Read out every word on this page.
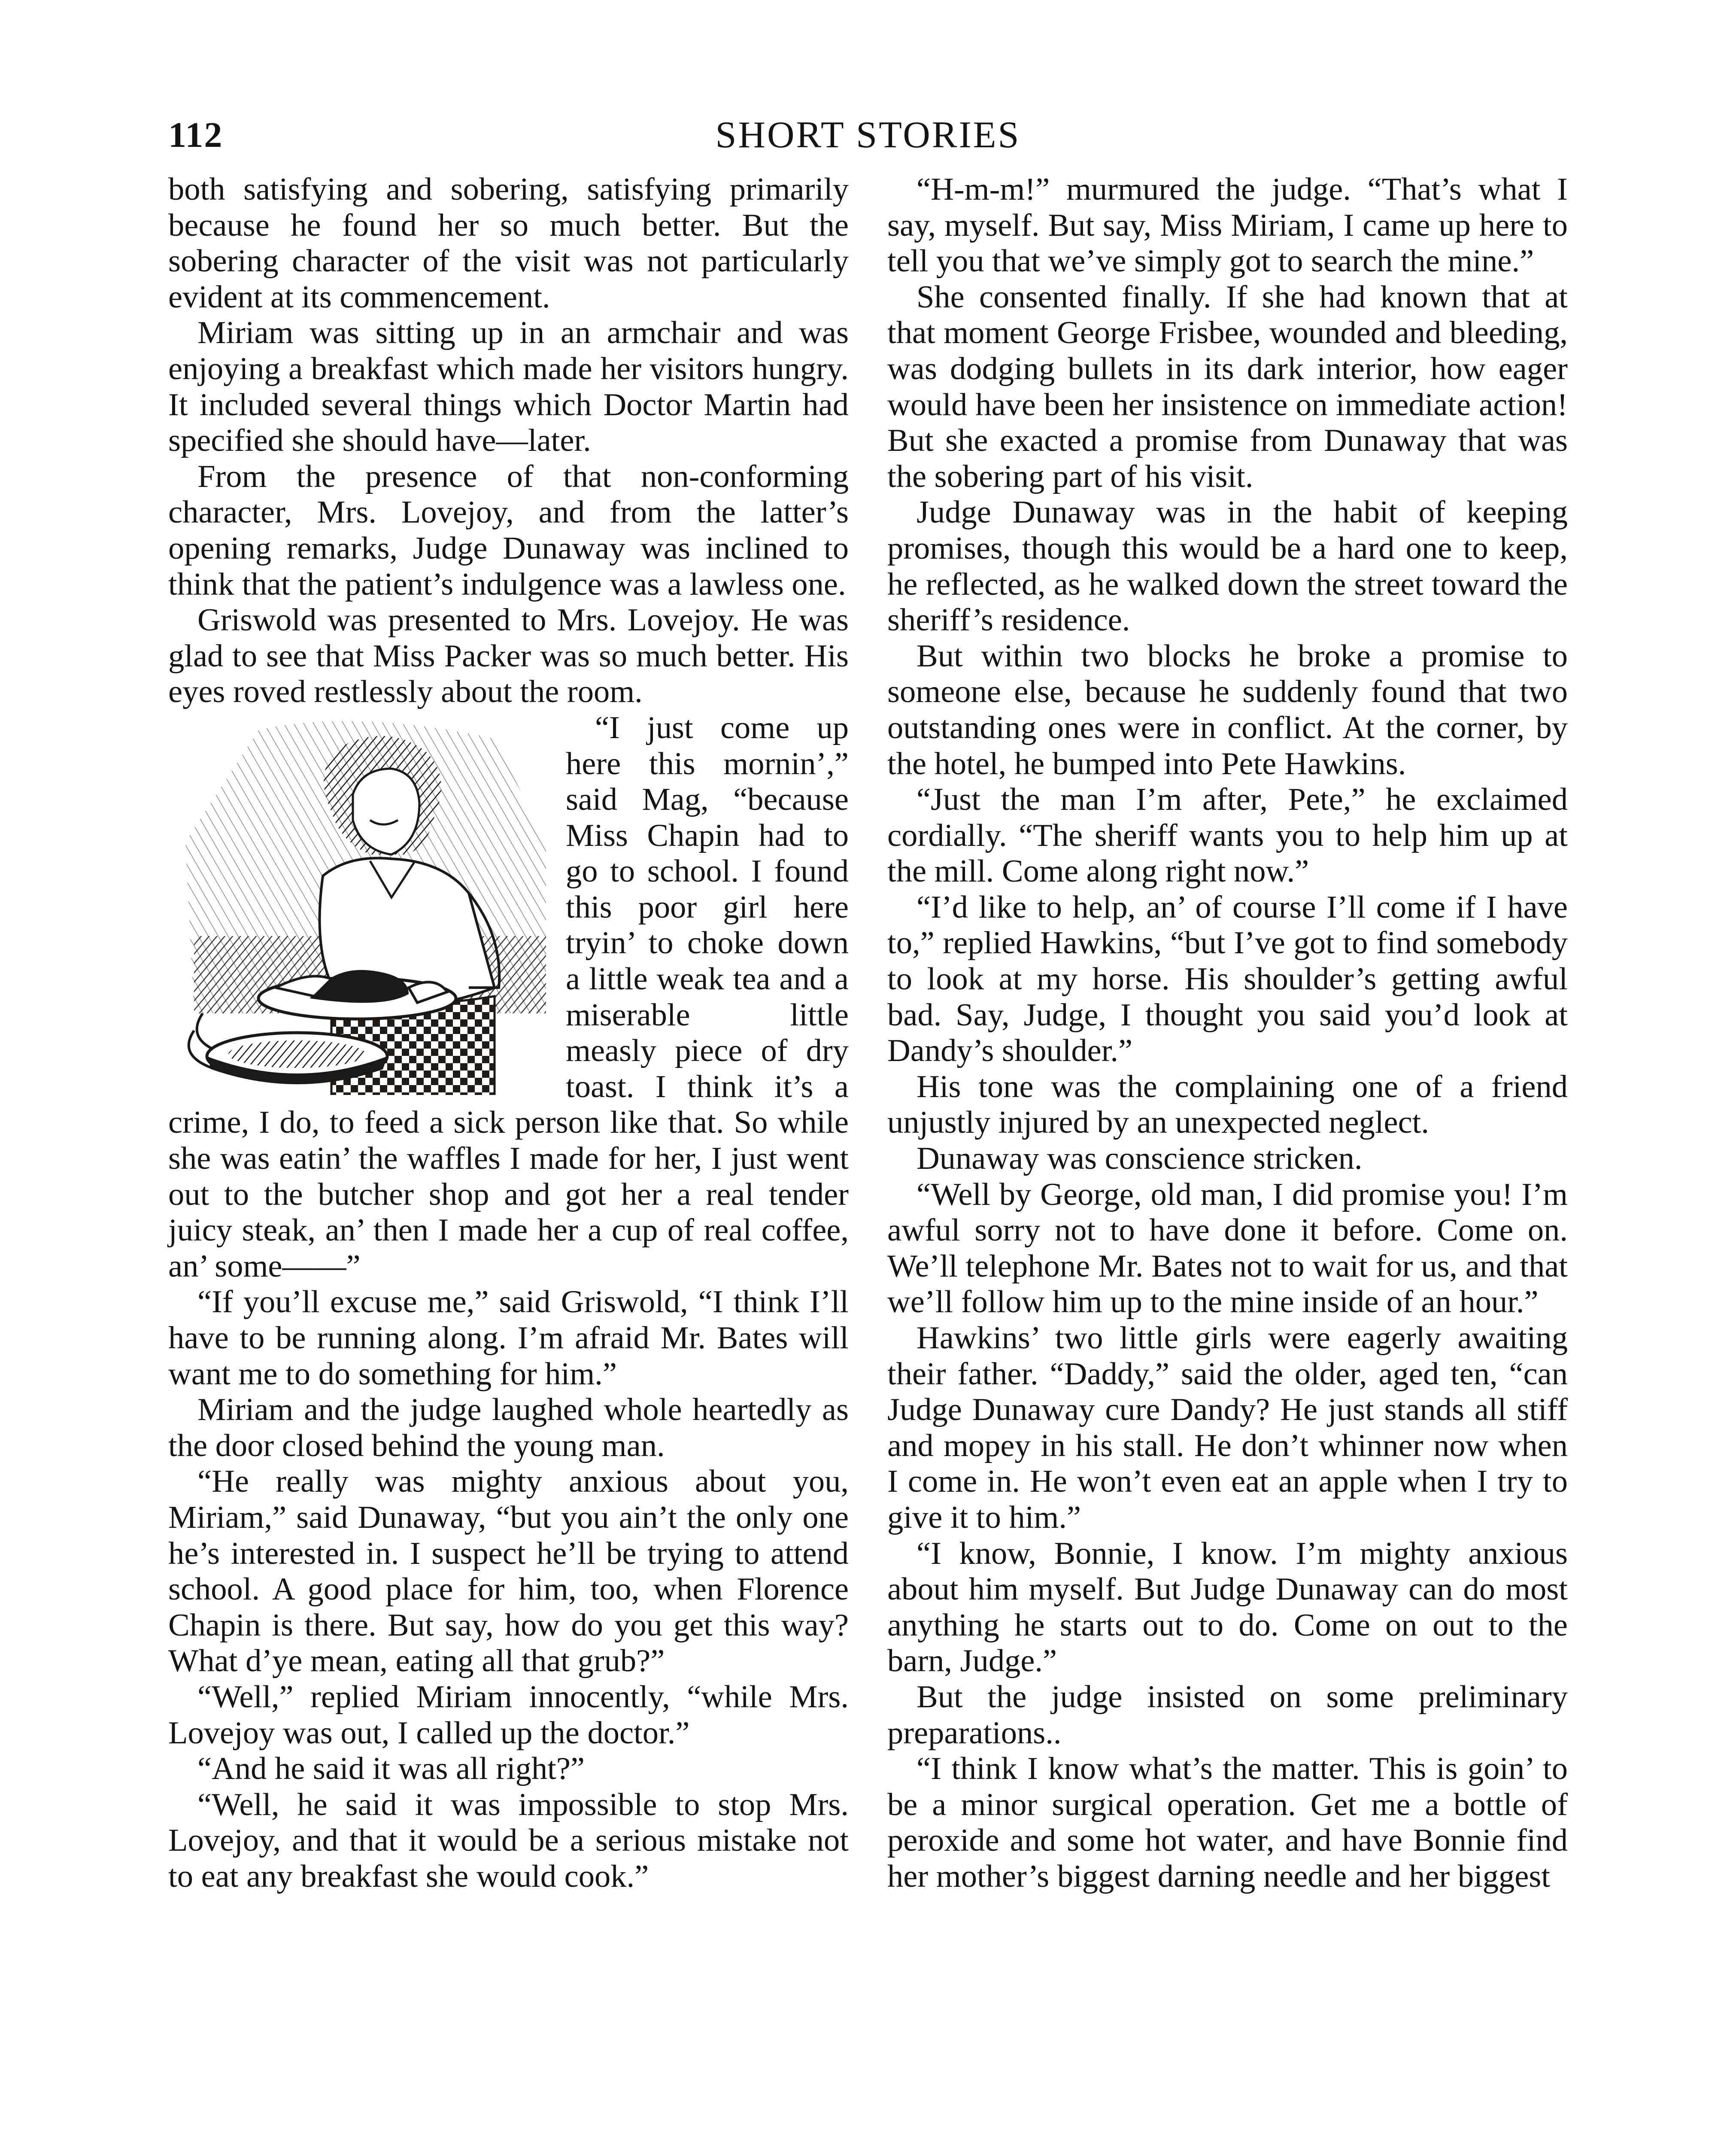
112	SHORT STORIES

both satisfying and sobering, satisfying primarily because he found her so much better. But the sobering character of the visit was not particularly evident at its commencement.

Miriam was sitting up in an armchair and was enjoying a breakfast which made her visitors hungry. It included several things which Doctor Martin had specified she should have—later.

From the presence of that non-conforming character, Mrs. Lovejoy, and from the latter’s opening remarks, Judge Dunaway was inclined to think that the patient’s indulgence was a lawless one.

Griswold was presented to Mrs. Lovejoy. He was glad to see that Miss Packer was so much better. His eyes roved restlessly about the room.

“I just come up here this mornin’,” said Mag, “because Miss Chapin had to go to school. I found this poor girl here tryin’ to choke down a little weak tea and a miserable little measly piece of dry toast. I think it’s a crime, I do, to feed a sick person like that. So while she was eatin’ the waffles I made for her, I just went out to the butcher shop and got her a real tender juicy steak, an’ then I made her a cup of real coffee, an’ some——”

“If you’ll excuse me,” said Griswold, “I think I’ll have to be running along. I’m afraid Mr. Bates will want me to do something for him.”

Miriam and the judge laughed whole heartedly as the door closed behind the young man.

“He really was mighty anxious about you, Miriam,” said Dunaway, “but you ain’t the only one he’s interested in. I suspect he’ll be trying to attend school. A good place for him, too, when Florence Chapin is there. But say, how do you get this way? What d’ye mean, eating all that grub?”

“Well,” replied Miriam innocently, “while Mrs. Lovejoy was out, I called up the doctor.”

“And he said it was all right?”

“Well, he said it was impossible to stop Mrs. Lovejoy, and that it would be a serious mistake not to eat any breakfast she would cook.”

“H-m-m!” murmured the judge. “That’s what I say, myself. But say, Miss Miriam, I came up here to tell you that we’ve simply got to search the mine.”

She consented finally. If she had known that at that moment George Frisbee, wounded and bleeding, was dodging bullets in its dark interior, how eager would have been her insistence on immediate action! But she exacted a promise from Dunaway that was the sobering part of his visit.

Judge Dunaway was in the habit of keeping promises, though this would be a hard one to keep, he reflected, as he walked down the street toward the sheriff’s residence.

But within two blocks he broke a promise to someone else, because he suddenly found that two outstanding ones were in conflict. At the corner, by the hotel, he bumped into Pete Hawkins.

“Just the man I’m after, Pete,” he exclaimed cordially. “The sheriff wants you to help him up at the mill. Come along right now.”

“I’d like to help, an’ of course I’ll come if I have to,” replied Hawkins, “but I’ve got to find somebody to look at my horse. His shoulder’s getting awful bad. Say, Judge, I thought you said you’d look at Dandy’s shoulder.”

His tone was the complaining one of a friend unjustly injured by an unexpected neglect.

Dunaway was conscience stricken.

“Well by George, old man, I did promise you! I’m awful sorry not to have done it before. Come on. We’ll telephone Mr. Bates not to wait for us, and that we’ll follow him up to the mine inside of an hour.”

Hawkins’ two little girls were eagerly awaiting their father. “Daddy,” said the older, aged ten, “can Judge Dunaway cure Dandy? He just stands all stiff and mopey in his stall. He don’t whinner now when I come in. He won’t even eat an apple when I try to give it to him.”

“I know, Bonnie, I know. I’m mighty anxious about him myself. But Judge Dunaway can do most anything he starts out to do. Come on out to the barn, Judge.”

But the judge insisted on some preliminary preparations..

“I think I know what’s the matter. This is goin’ to be a minor surgical operation. Get me a bottle of peroxide and some hot water, and have Bonnie find her mother’s biggest darning needle and her biggest
